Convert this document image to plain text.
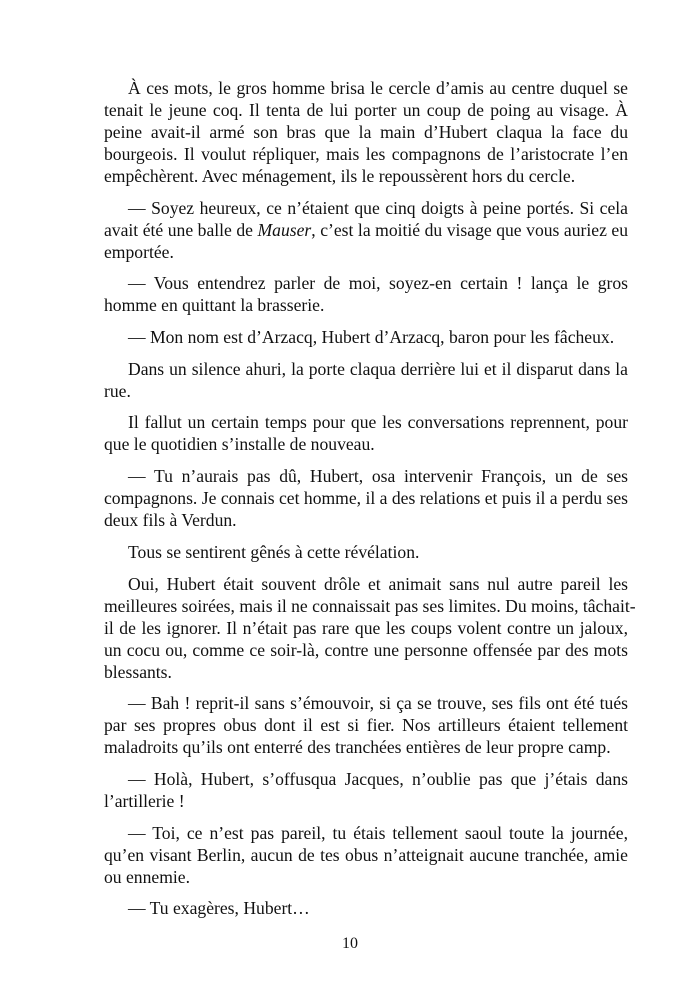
À ces mots, le gros homme brisa le cercle d’amis au centre duquel se
tenait le jeune coq. Il tenta de lui porter un coup de poing au visage. À
peine avait-il armé son bras que la main d’Hubert claqua la face du
bourgeois. Il voulut répliquer, mais les compagnons de l’aristocrate l’en
empêchèrent. Avec ménagement, ils le repoussèrent hors du cercle.

— Soyez heureux, ce n’étaient que cinq doigts à peine portés. Si cela
avait été une balle de Mauser, c’est la moitié du visage que vous auriez eu
emportée.

— Vous entendrez parler de moi, soyez-en certain ! lança le gros
homme en quittant la brasserie.

— Mon nom est d’Arzacq, Hubert d’Arzacq, baron pour les fâcheux.

Dans un silence ahuri, la porte claqua derrière lui et il disparut dans la
rue.

Il fallut un certain temps pour que les conversations reprennent, pour
que le quotidien s’installe de nouveau.

— Tu n’aurais pas dû, Hubert, osa intervenir François, un de ses
compagnons. Je connais cet homme, il a des relations et puis il a perdu ses
deux fils à Verdun.

Tous se sentirent gênés à cette révélation.

Oui, Hubert était souvent drôle et animait sans nul autre pareil les
meilleures soirées, mais il ne connaissait pas ses limites. Du moins, tâchait-
il de les ignorer. Il n’était pas rare que les coups volent contre un jaloux,
un cocu ou, comme ce soir-là, contre une personne offensée par des mots
blessants.

— Bah ! reprit-il sans s’émouvoir, si ça se trouve, ses fils ont été tués
par ses propres obus dont il est si fier. Nos artilleurs étaient tellement
maladroits qu’ils ont enterré des tranchées entières de leur propre camp.

— Holà, Hubert, s’offusqua Jacques, n’oublie pas que j’étais dans
l’artillerie !

— Toi, ce n’est pas pareil, tu étais tellement saoul toute la journée,
qu’en visant Berlin, aucun de tes obus n’atteignait aucune tranchée, amie
ou ennemie.

— Tu exagères, Hubert…

10
